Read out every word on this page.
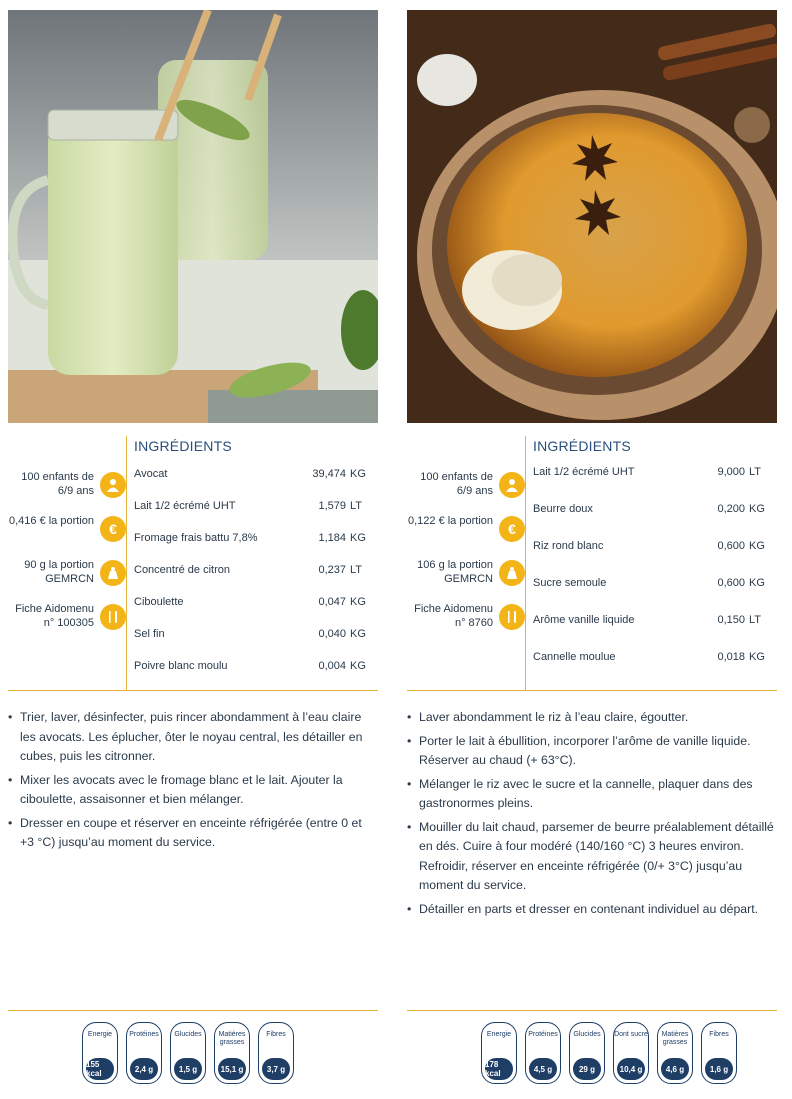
100 enfants de 6/9 ans
0,416 € la portion	€
90 g la portion GEMRCN
Fiche Aidomenu n° 100305
INGRÉDIENTS
Avocat	39,474 KG
Lait 1/2 écrémé UHT	1,579 LT
Fromage frais battu 7,8%	1,184 KG
Concentré de citron	0,237 LT
Ciboulette	0,047 KG
Sel fin	0,040 KG
Poivre blanc moulu	0,004 KG
• Trier, laver, désinfecter, puis rincer abondamment à l’eau claire les avocats. Les éplucher, ôter le noyau central, les détailler en cubes, puis les citronner.
• Mixer les avocats avec le fromage blanc et le lait. Ajouter la ciboulette, assaisonner et bien mélanger.
• Dresser en coupe et réserver en enceinte réfrigérée (entre 0 et +3 °C) jusqu’au moment du service.
Energie
155 kcal
Protéines
2,4 g
Glucides
1,5 g
Matières grasses
15,1 g
Fibres
3,7 g
100 enfants de 6/9 ans
0,122 € la portion	€
106 g la portion GEMRCN
Fiche Aidomenu n° 8760
INGRÉDIENTS
Lait 1/2 écrémé UHT	9,000 LT
Beurre doux	0,200 KG
Riz rond blanc	0,600 KG
Sucre semoule	0,600 KG
Arôme vanille liquide	0,150 LT
Cannelle moulue	0,018 KG
• Laver abondamment le riz à l’eau claire, égoutter.
• Porter le lait à ébullition, incorporer l’arôme de vanille liquide. Réserver au chaud (+ 63°C).
• Mélanger le riz avec le sucre et la cannelle, plaquer dans des gastronormes pleins.
• Mouiller du lait chaud, parsemer de beurre préalablement détaillé en dés. Cuire à four modéré (140/160 °C) 3 heures environ. Refroidir, réserver en enceinte réfrigérée (0/+ 3°C) jusqu’au moment du service.
• Détailler en parts et dresser en contenant individuel au départ.
Energie
178 kcal
Protéines
4,5 g
Glucides
29 g
Dont sucre
10,4 g
Matières grasses
4,6 g
Fibres
1,6 g
